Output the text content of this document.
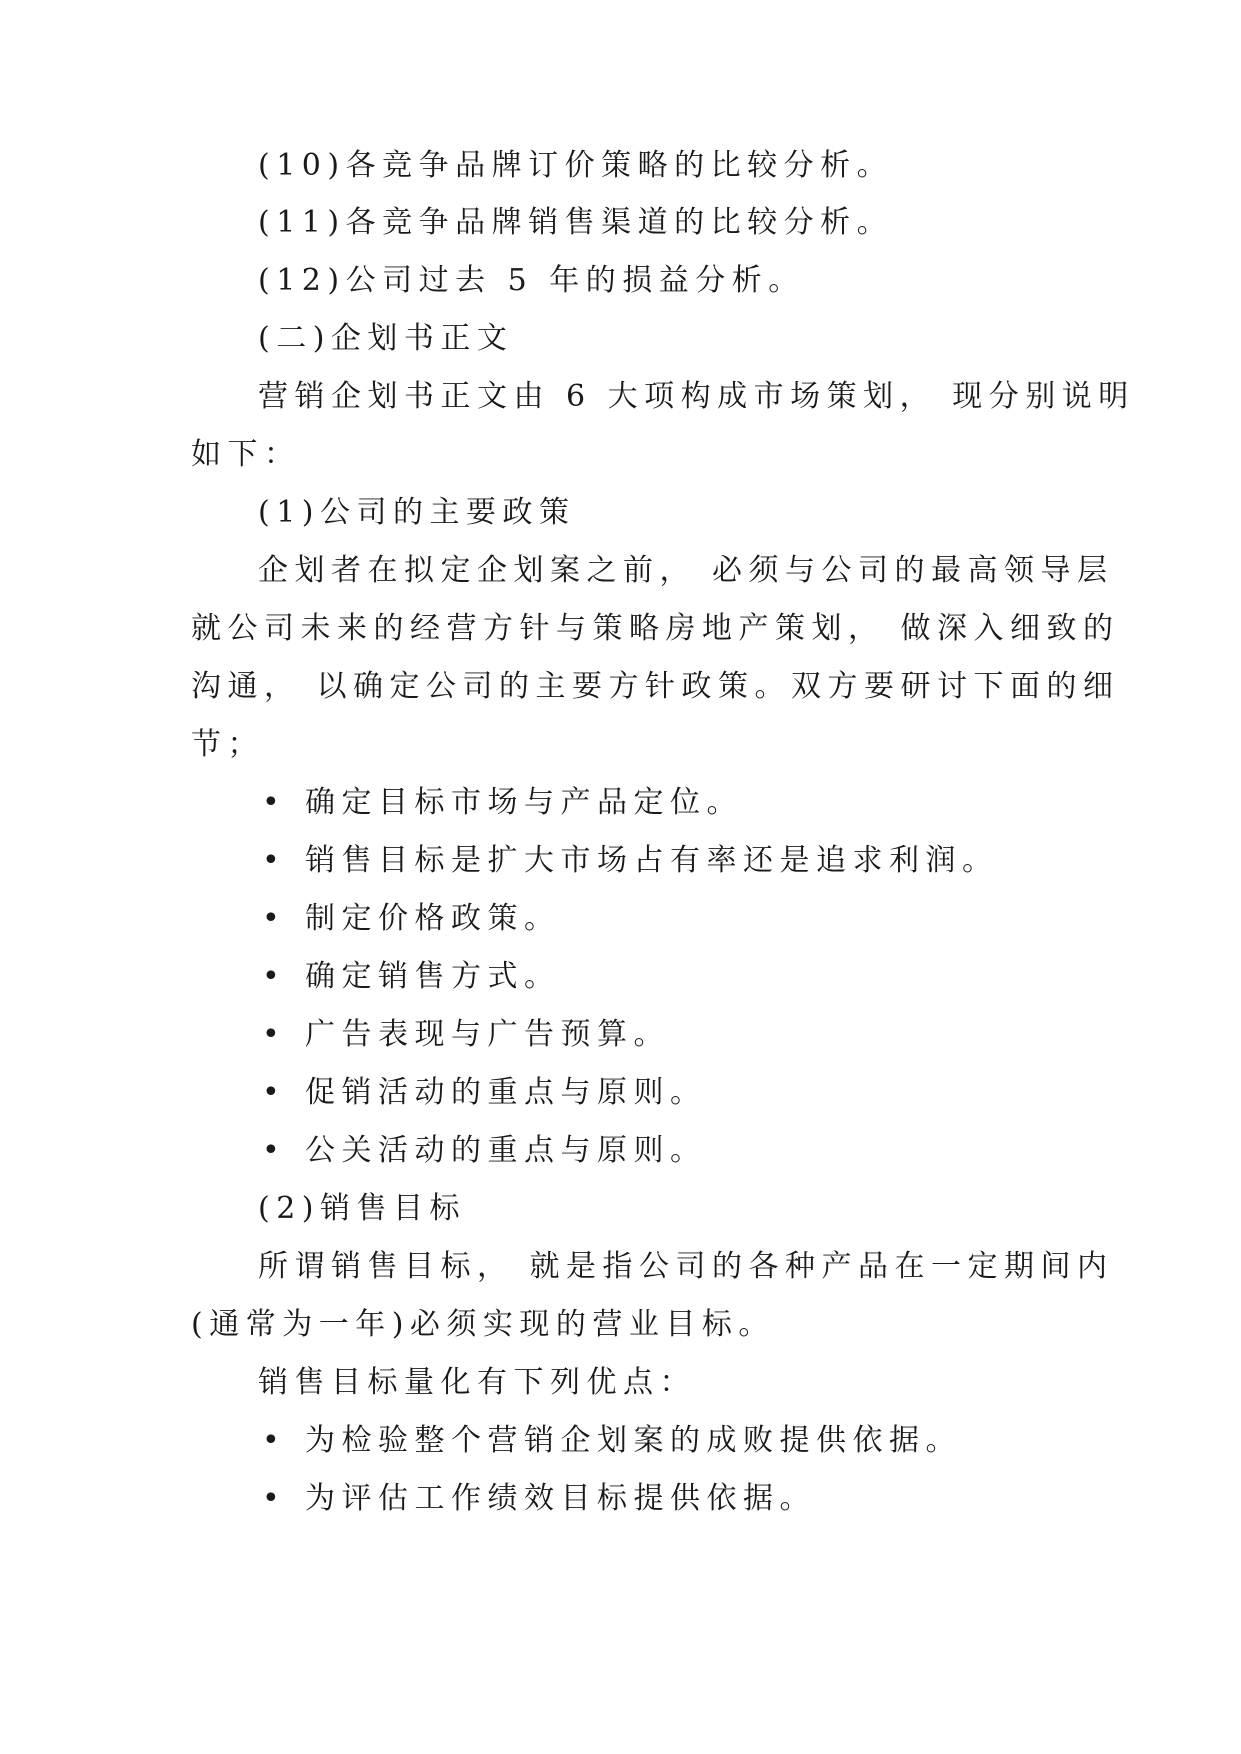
(10)各竞争品牌订价策略的比较分析。
(11)各竞争品牌销售渠道的比较分析。
(12)公司过去 5 年的损益分析。
(二)企划书正文
营销企划书正文由 6 大项构成市场策划， 现分别说明
如下：
(1)公司的主要政策
企划者在拟定企划案之前， 必须与公司的最高领导层
就公司未来的经营方针与策略房地产策划， 做深入细致的
沟通， 以确定公司的主要方针政策。双方要研讨下面的细
节；
• 确定目标市场与产品定位。
• 销售目标是扩大市场占有率还是追求利润。
• 制定价格政策。
• 确定销售方式。
• 广告表现与广告预算。
• 促销活动的重点与原则。
• 公关活动的重点与原则。
(2)销售目标
所谓销售目标， 就是指公司的各种产品在一定期间内
(通常为一年)必须实现的营业目标。
销售目标量化有下列优点：
• 为检验整个营销企划案的成败提供依据。
• 为评估工作绩效目标提供依据。
